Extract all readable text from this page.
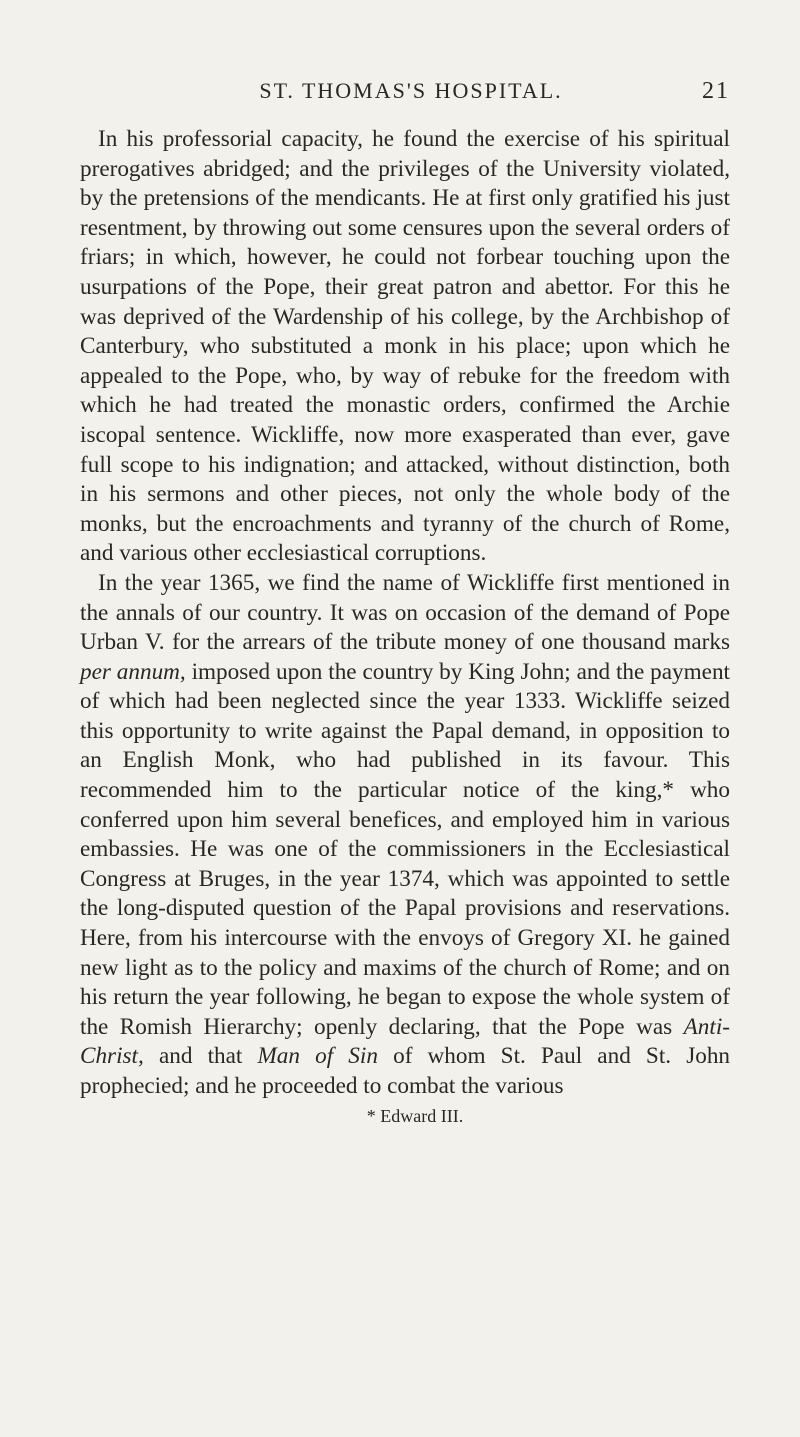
ST. THOMAS'S HOSPITAL.	21

In his professorial capacity, he found the exercise of his spiritual prerogatives abridged; and the privileges of the University violated, by the pretensions of the mendicants. He at first only gratified his just resentment, by throwing out some censures upon the several orders of friars; in which, however, he could not forbear touching upon the usurpations of the Pope, their great patron and abettor. For this he was deprived of the Wardenship of his college, by the Archbishop of Canterbury, who substituted a monk in his place; upon which he appealed to the Pope, who, by way of rebuke for the freedom with which he had treated the monastic orders, confirmed the Archie iscopal sentence. Wickliffe, now more exasperated than ever, gave full scope to his indignation; and attacked, without distinction, both in his sermons and other pieces, not only the whole body of the monks, but the encroachments and tyranny of the church of Rome, and various other ecclesiastical corruptions.

In the year 1365, we find the name of Wickliffe first mentioned in the annals of our country. It was on occasion of the demand of Pope Urban V. for the arrears of the tribute money of one thousand marks per annum, imposed upon the country by King John; and the payment of which had been neglected since the year 1333. Wickliffe seized this opportunity to write against the Papal demand, in opposition to an English Monk, who had published in its favour. This recommended him to the particular notice of the king,* who conferred upon him several benefices, and employed him in various embassies. He was one of the commissioners in the Ecclesiastical Congress at Bruges, in the year 1374, which was appointed to settle the long-disputed question of the Papal provisions and reservations. Here, from his intercourse with the envoys of Gregory XI. he gained new light as to the policy and maxims of the church of Rome; and on his return the year following, he began to expose the whole system of the Romish Hierarchy; openly declaring, that the Pope was Anti-Christ, and that Man of Sin of whom St. Paul and St. John prophecied; and he proceeded to combat the various

* Edward III.
